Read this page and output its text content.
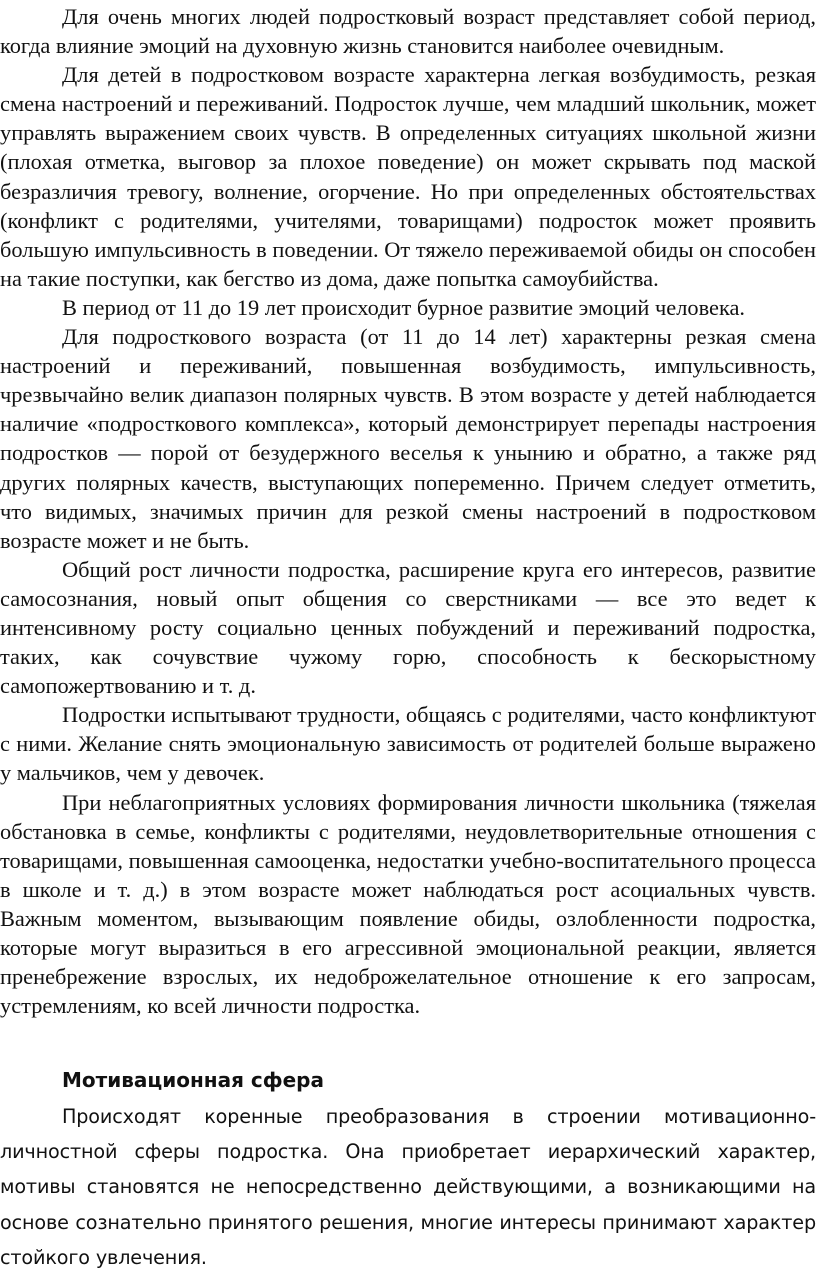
Для очень многих людей подростковый возраст представляет собой период, когда влияние эмоций на духовную жизнь становится наиболее очевидным.

Для детей в подростковом возрасте характерна легкая возбудимость, резкая смена настроений и переживаний. Подросток лучше, чем младший школьник, может управлять выражением своих чувств. В определенных ситуациях школьной жизни (плохая отметка, выговор за плохое поведение) он может скрывать под маской безразличия тревогу, волнение, огорчение. Но при определенных обстоятельствах (конфликт с родителями, учителями, товарищами) подросток может проявить большую импульсивность в поведении. От тяжело переживаемой обиды он способен на такие поступки, как бегство из дома, даже попытка самоубийства.

В период от 11 до 19 лет происходит бурное развитие эмоций человека.

Для подросткового возраста (от 11 до 14 лет) характерны резкая смена настроений и переживаний, повышенная возбудимость, импульсивность, чрезвычайно велик диапазон полярных чувств. В этом возрасте у детей наблюдается наличие «подросткового комплекса», который демонстрирует перепады настроения подростков — порой от безудержного веселья к унынию и обратно, а также ряд других полярных качеств, выступающих попеременно. Причем следует отметить, что видимых, значимых причин для резкой смены настроений в подростковом возрасте может и не быть.

Общий рост личности подростка, расширение круга его интересов, развитие самосознания, новый опыт общения со сверстниками — все это ведет к интенсивному росту социально ценных побуждений и переживаний подростка, таких, как сочувствие чужому горю, способность к бескорыстному самопожертвованию и т. д.

Подростки испытывают трудности, общаясь с родителями, часто конфликтуют с ними. Желание снять эмоциональную зависимость от родителей больше выражено у мальчиков, чем у девочек.

При неблагоприятных условиях формирования личности школьника (тяжелая обстановка в семье, конфликты с родителями, неудовлетворительные отношения с товарищами, повышенная самооценка, недостатки учебно-воспитательного процесса в школе и т. д.) в этом возрасте может наблюдаться рост асоциальных чувств. Важным моментом, вызывающим появление обиды, озлобленности подростка, которые могут выразиться в его агрессивной эмоциональной реакции, является пренебрежение взрослых, их недоброжелательное отношение к его запросам, устремлениям, ко всей личности подростка.

Мотивационная сфера

Происходят коренные преобразования в строении мотивационно-личностной сферы подростка. Она приобретает иерархический характер, мотивы становятся не непосредственно действующими, а возникающими на основе сознательно принятого решения, многие интересы принимают характер стойкого увлечения.
